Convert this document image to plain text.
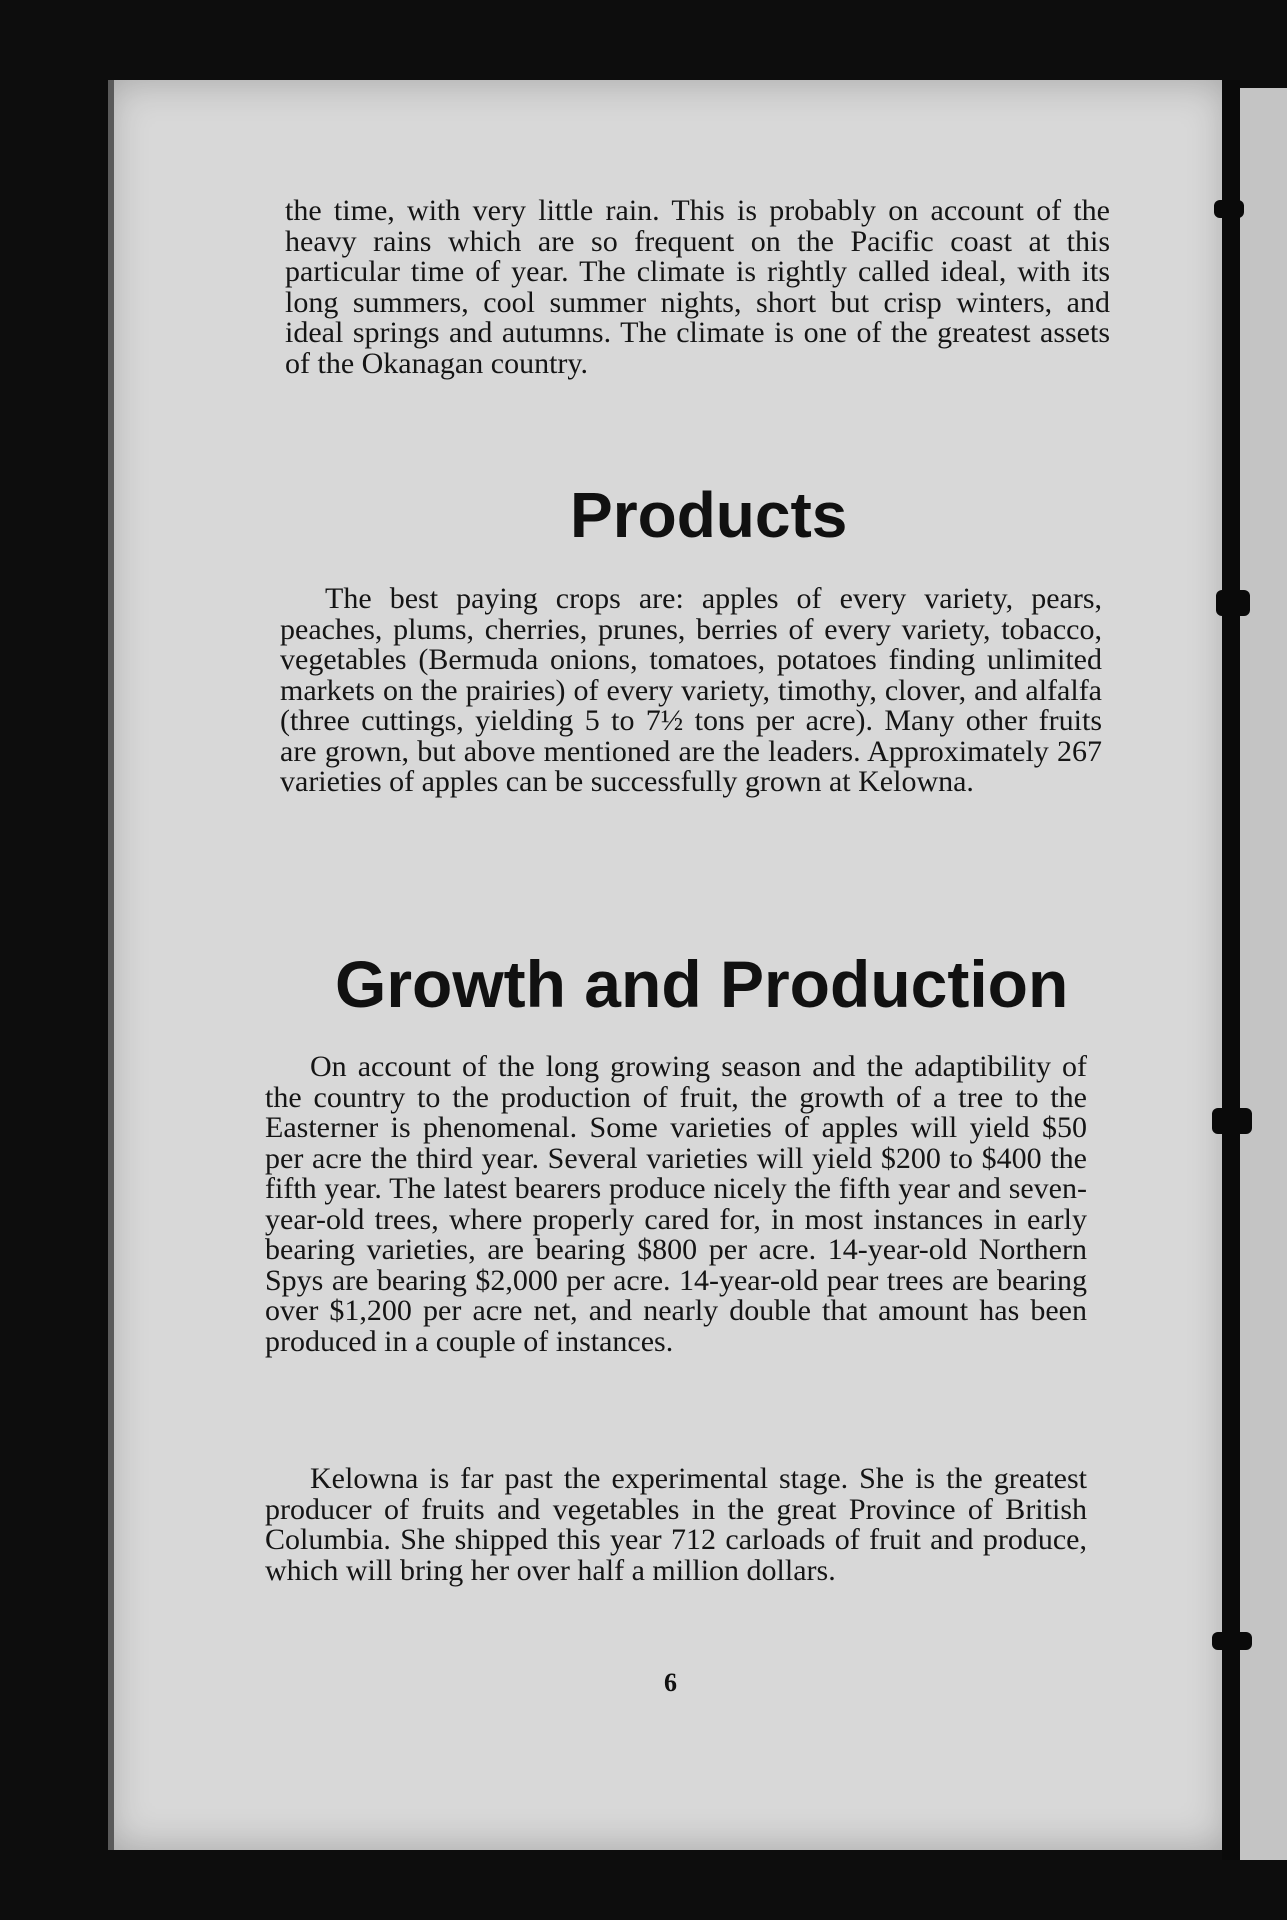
the time, with very little rain. This is probably on account of the heavy rains which are so frequent on the Pacific coast at this particular time of year. The climate is rightly called ideal, with its long summers, cool summer nights, short but crisp winters, and ideal springs and autumns. The climate is one of the greatest assets of the Okanagan country.

Products

The best paying crops are: apples of every variety, pears, peaches, plums, cherries, prunes, berries of every variety, tobacco, vegetables (Bermuda onions, tomatoes, potatoes finding unlimited markets on the prairies) of every variety, timothy, clover, and alfalfa (three cuttings, yielding 5 to 7½ tons per acre). Many other fruits are grown, but above mentioned are the leaders. Approximately 267 varieties of apples can be successfully grown at Kelowna.

Growth and Production

On account of the long growing season and the adaptibility of the country to the production of fruit, the growth of a tree to the Easterner is phenomenal. Some varieties of apples will yield $50 per acre the third year. Several varieties will yield $200 to $400 the fifth year. The latest bearers produce nicely the fifth year and seven-year-old trees, where properly cared for, in most instances in early bearing varieties, are bearing $800 per acre. 14-year-old Northern Spys are bearing $2,000 per acre. 14-year-old pear trees are bearing over $1,200 per acre net, and nearly double that amount has been produced in a couple of instances.

Kelowna is far past the experimental stage. She is the greatest producer of fruits and vegetables in the great Province of British Columbia. She shipped this year 712 carloads of fruit and produce, which will bring her over half a million dollars.

6
